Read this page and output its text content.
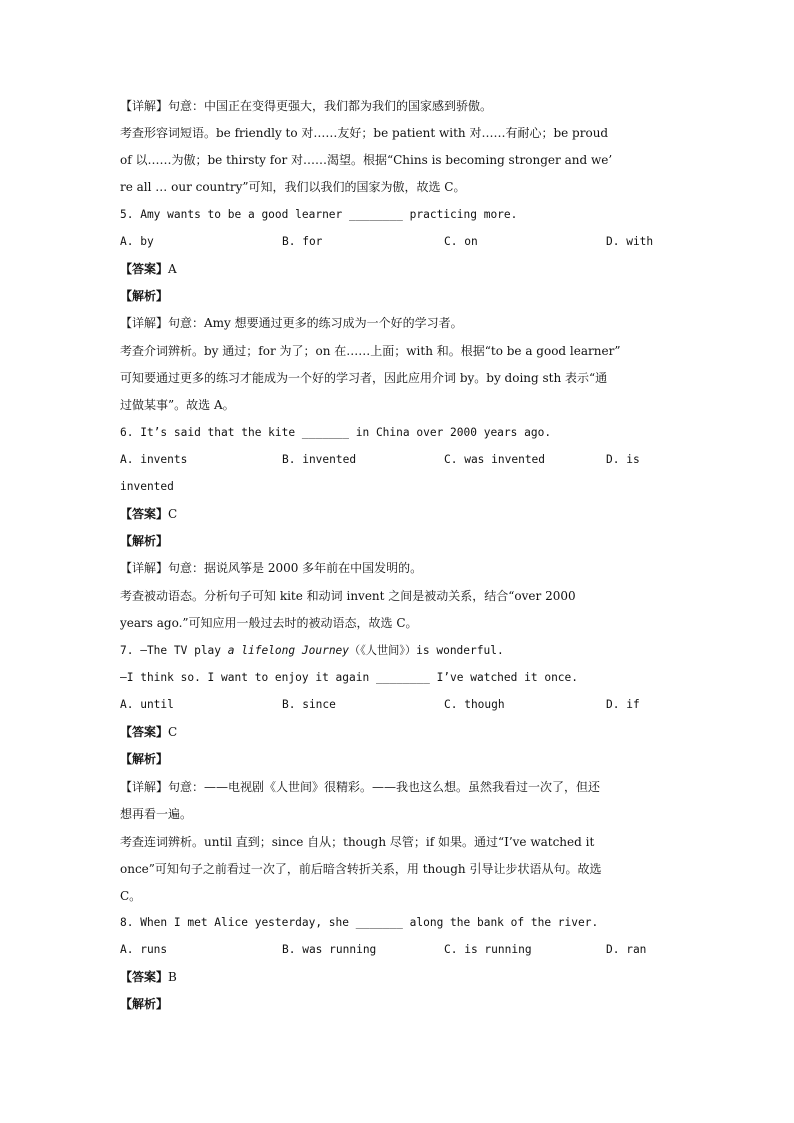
【详解】句意：中国正在变得更强大，我们都为我们的国家感到骄傲。
考查形容词短语。be friendly to 对……友好；be patient with 对……有耐心；be proud
of 以……为傲；be thirsty for 对……渴望。根据“Chins is becoming stronger and we’
re all … our country”可知，我们以我们的国家为傲，故选 C。
5. Amy wants to be a good learner ________ practicing more.
A. by	B. for	C. on	D. with
【答案】A
【解析】
【详解】句意：Amy 想要通过更多的练习成为一个好的学习者。
考查介词辨析。by 通过；for 为了；on 在……上面；with 和。根据“to be a good learner”
可知要通过更多的练习才能成为一个好的学习者，因此应用介词 by。by doing sth 表示“通
过做某事”。故选 A。
6. It’s said that the kite _______ in China over 2000 years ago.
A. invents	B. invented	C. was invented	D. is
invented
【答案】C
【解析】
【详解】句意：据说风筝是 2000 多年前在中国发明的。
考查被动语态。分析句子可知 kite 和动词 invent 之间是被动关系，结合“over 2000
years ago.”可知应用一般过去时的被动语态，故选 C。
7. —The TV play a lifelong Journey（《人世间》）is wonderful.
—I think so. I want to enjoy it again ________ I’ve watched it once.
A. until	B. since	C. though	D. if
【答案】C
【解析】
【详解】句意：——电视剧《人世间》很精彩。——我也这么想。虽然我看过一次了，但还
想再看一遍。
考查连词辨析。until 直到；since 自从；though 尽管；if 如果。通过“I’ve watched it
once”可知句子之前看过一次了，前后暗含转折关系，用 though 引导让步状语从句。故选
C。
8. When I met Alice yesterday, she _______ along the bank of the river.
A. runs	B. was running	C. is running	D. ran
【答案】B
【解析】
